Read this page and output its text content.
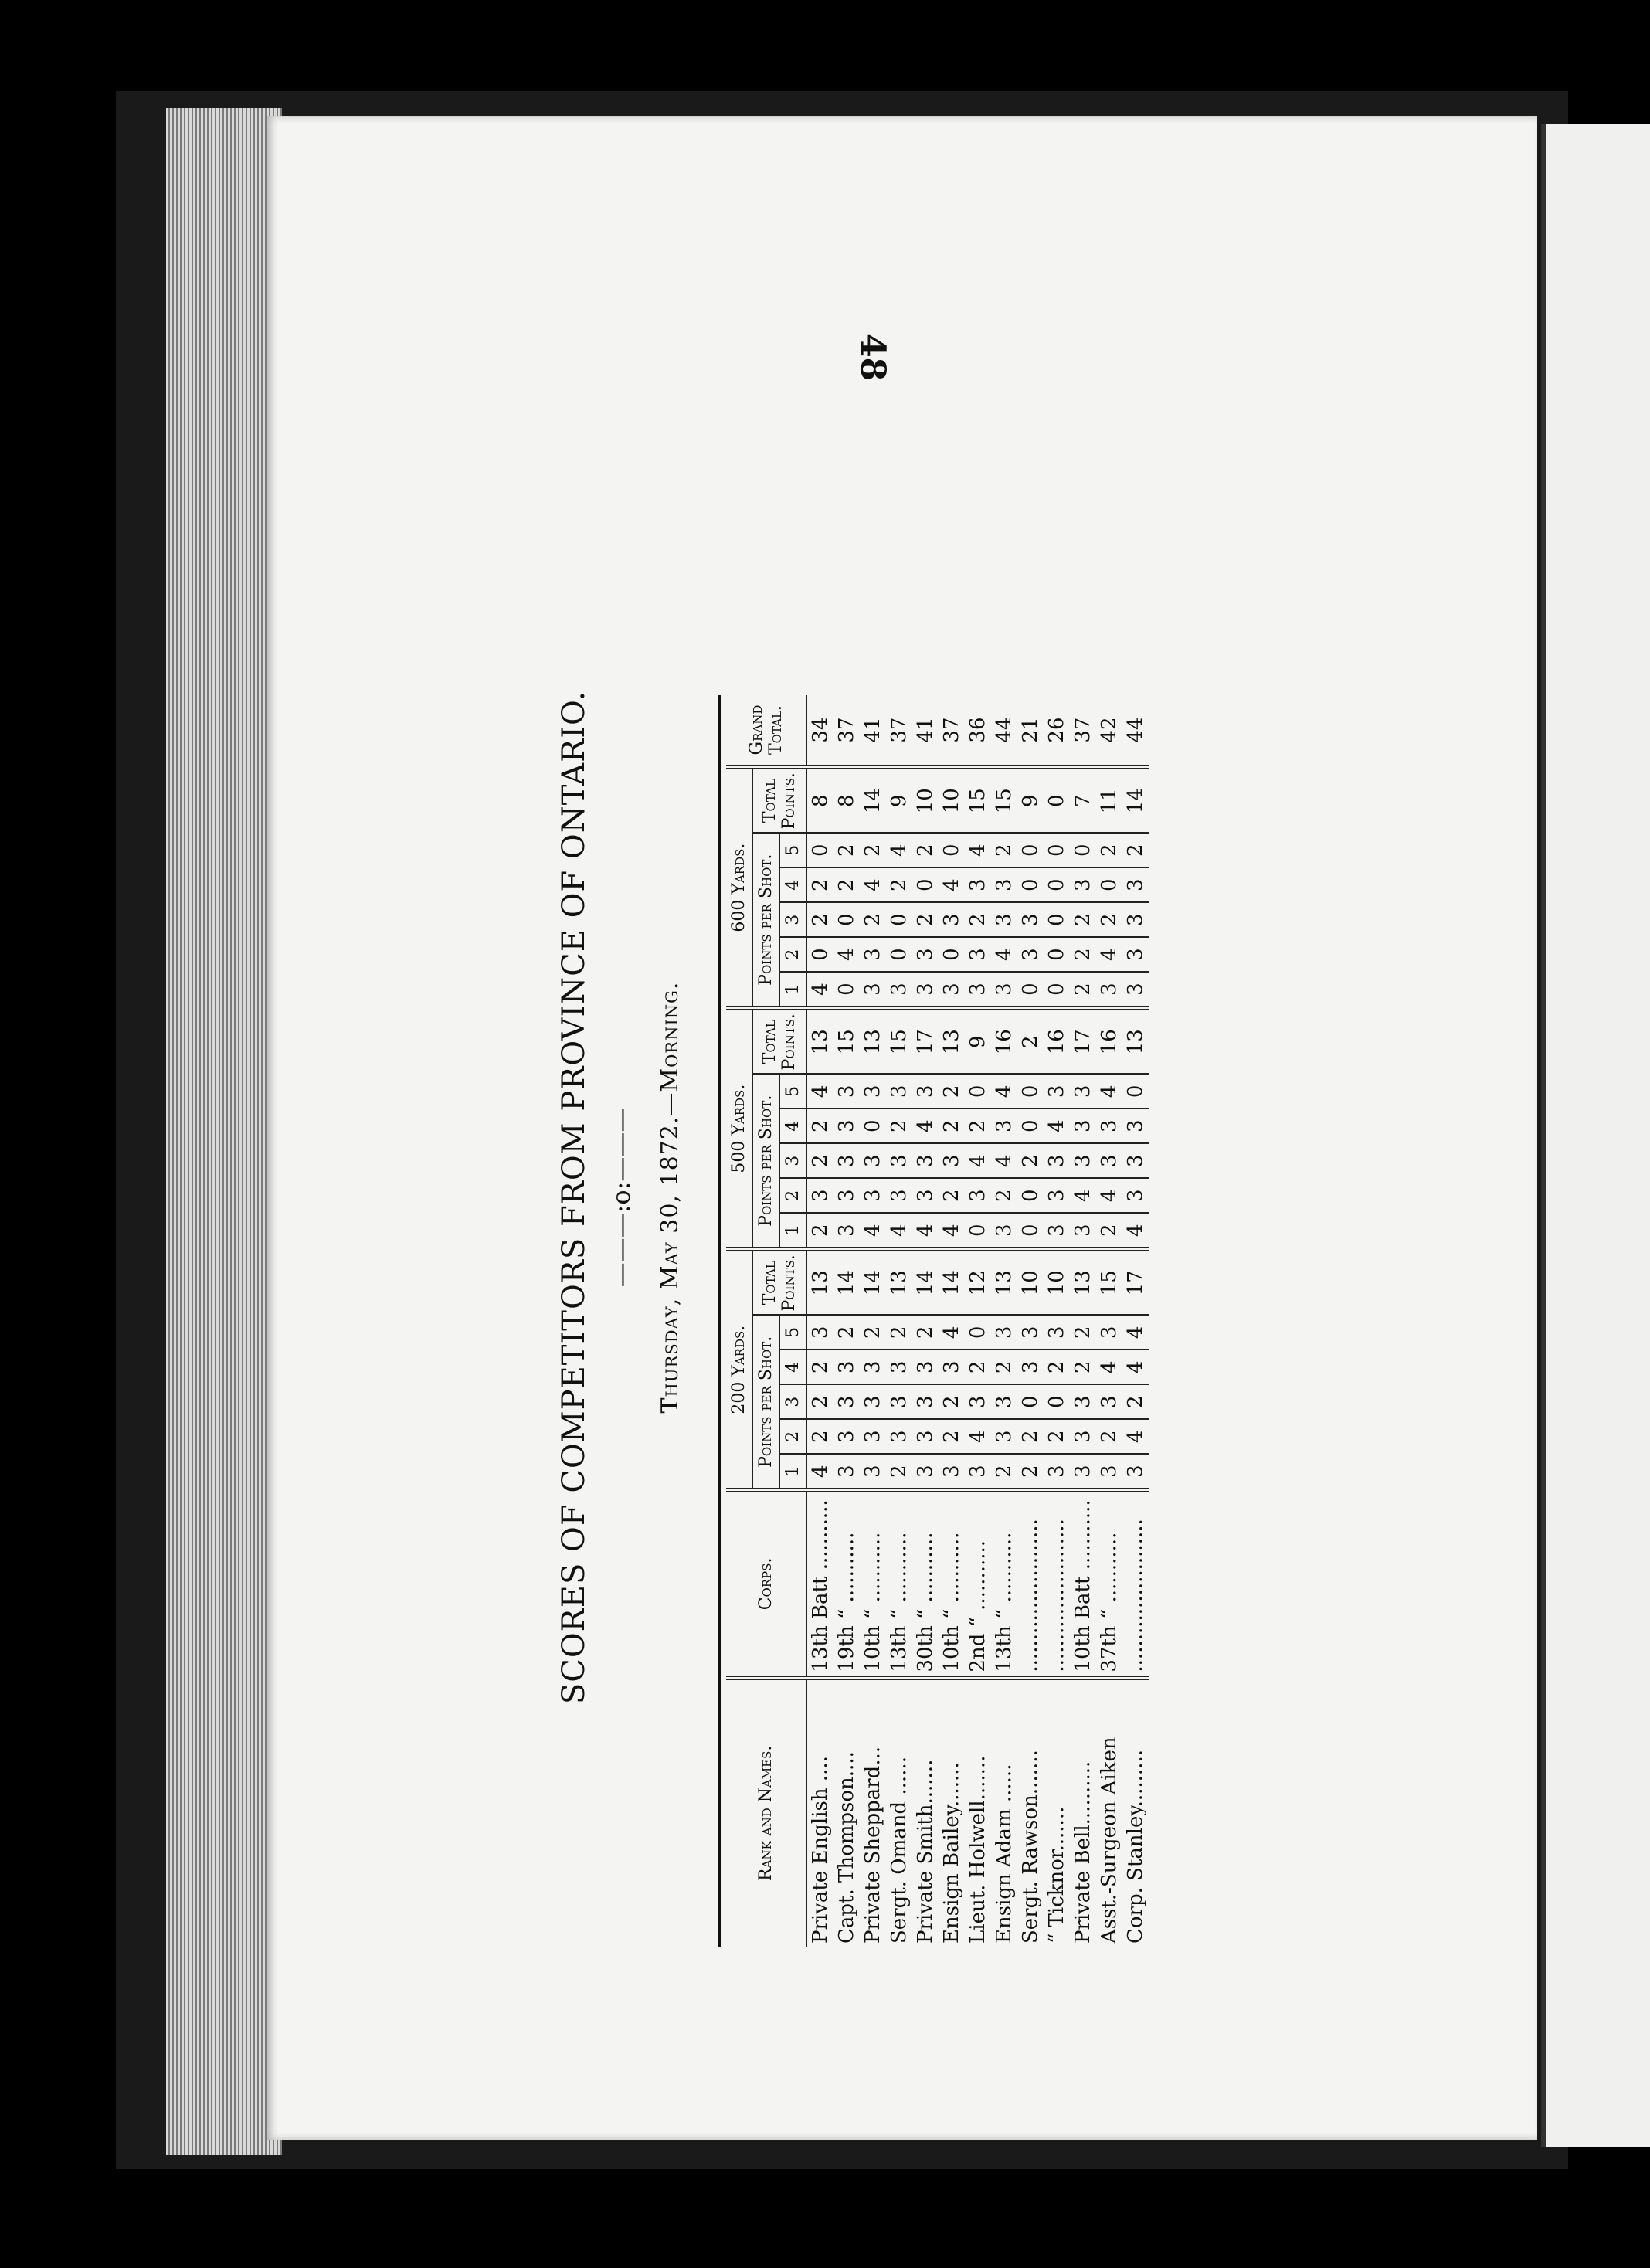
48
SCORES OF COMPETITORS FROM PROVINCE OF ONTARIO. ———:o:——— Thursday, May 30, 1872.—Morning.
Rank and Names.	Corps.	200 Yards.						500 Yards.						600 Yards.						Grand Total.
		Points per Shot.					Total Points.	Points per Shot.					Total Points.	Points per Shot.					Total Points.	
		1	2	3	4	5		1	2	3	4	5		1	2	3	4	5		
Private English ....	13th Batt ...........	4	2	2	2	3	13	2	3	2	2	4	13	4	0	2	2	0	8	34
Capt. Thompson....	19th “ ...........	3	3	3	3	2	14	3	3	3	3	3	15	0	4	0	2	2	8	37
Private Sheppard...	10th “ ...........	3	3	3	3	2	14	4	3	3	0	3	13	3	3	2	4	2	14	41
Sergt. Omand ......	13th “ ...........	2	3	3	3	2	13	4	3	3	2	3	15	3	0	0	2	4	9	37
Private Smith.......	30th “ ...........	3	3	3	3	2	14	4	3	3	4	3	17	3	3	2	0	2	10	41
Ensign Bailey.......	10th “ ...........	3	2	2	3	4	14	4	2	3	2	2	13	3	0	3	4	0	10	37
Lieut. Holwell.......	2nd “ ...........	3	4	3	2	0	12	0	3	4	2	0	9	3	3	2	3	4	15	36
Ensign Adam ......	13th “ ...........	2	3	3	2	3	13	3	2	4	3	4	16	3	4	3	3	2	15	44
Sergt. Rawson.......	........................	2	2	0	3	3	10	0	0	2	0	0	2	0	3	3	0	0	9	21
“ Ticknor.......	........................	3	2	0	2	3	10	3	3	3	4	3	16	0	0	0	0	0	0	26
Private Bell..........	10th Batt ...........	3	3	3	2	2	13	3	4	3	3	3	17	2	2	2	3	0	7	37
Asst.-Surgeon Aiken	37th “ ...........	3	2	3	4	3	15	2	4	3	3	4	16	3	4	2	0	2	11	42
Corp. Stanley.........	........................	3	4	2	4	4	17	4	3	3	3	0	13	3	3	3	3	2	14	44
